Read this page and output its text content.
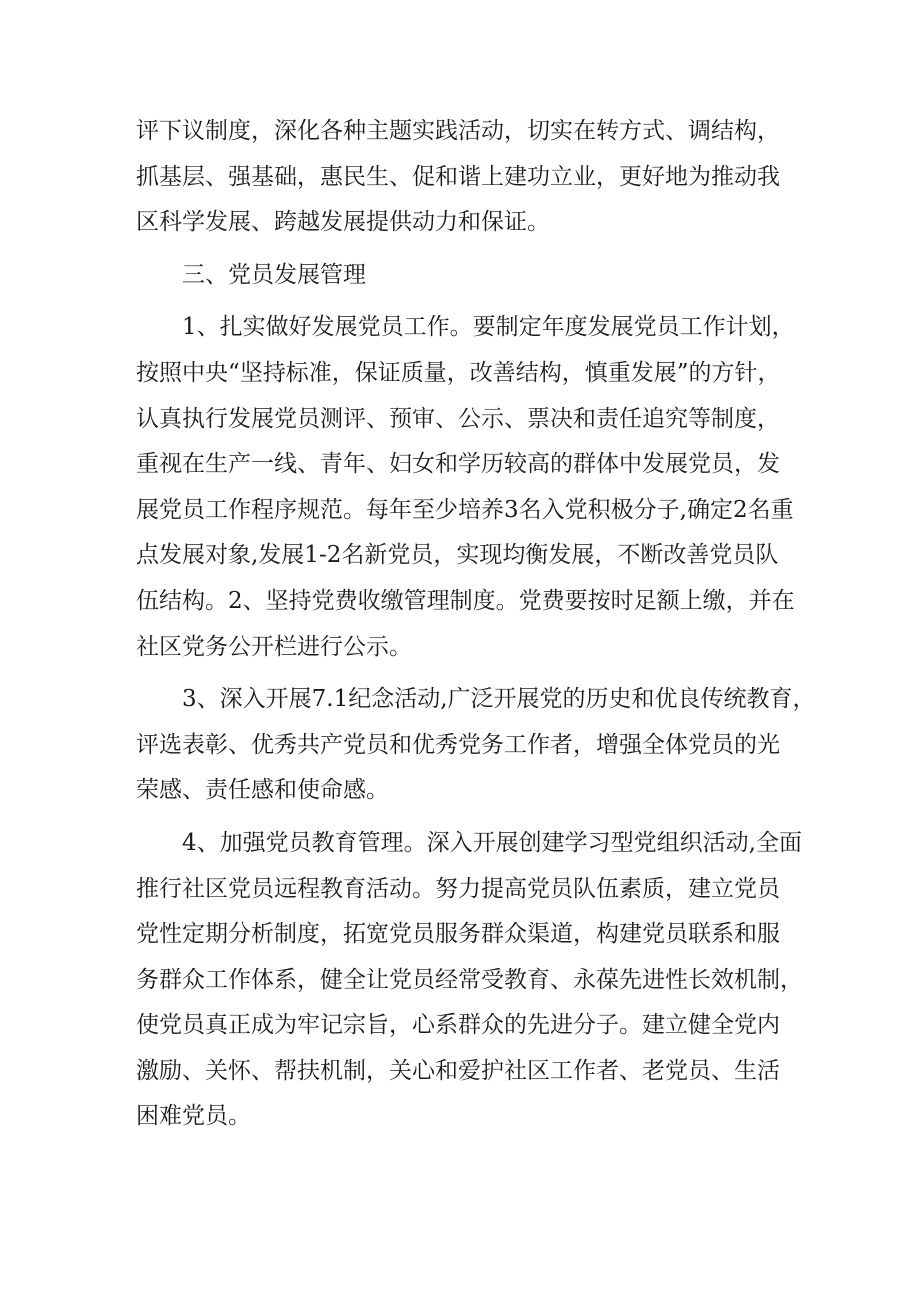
评下议制度，深化各种主题实践活动，切实在转方式、调结构，
抓基层、强基础，惠民生、促和谐上建功立业，更好地为推动我
区科学发展、跨越发展提供动力和保证。
三、党员发展管理
1、扎实做好发展党员工作。要制定年度发展党员工作计划，
按照中央“坚持标准，保证质量，改善结构，慎重发展”的方针，
认真执行发展党员测评、预审、公示、票决和责任追究等制度，
重视在生产一线、青年、妇女和学历较高的群体中发展党员，发
展党员工作程序规范。每年至少培养3名入党积极分子,确定2名重
点发展对象,发展1-2名新党员，实现均衡发展，不断改善党员队
伍结构。2、坚持党费收缴管理制度。党费要按时足额上缴，并在
社区党务公开栏进行公示。
3、深入开展7.1纪念活动,广泛开展党的历史和优良传统教育，
评选表彰、优秀共产党员和优秀党务工作者，增强全体党员的光
荣感、责任感和使命感。
4、加强党员教育管理。深入开展创建学习型党组织活动,全面
推行社区党员远程教育活动。努力提高党员队伍素质，建立党员
党性定期分析制度，拓宽党员服务群众渠道，构建党员联系和服
务群众工作体系，健全让党员经常受教育、永葆先进性长效机制，
使党员真正成为牢记宗旨，心系群众的先进分子。建立健全党内
激励、关怀、帮扶机制，关心和爱护社区工作者、老党员、生活
困难党员。
